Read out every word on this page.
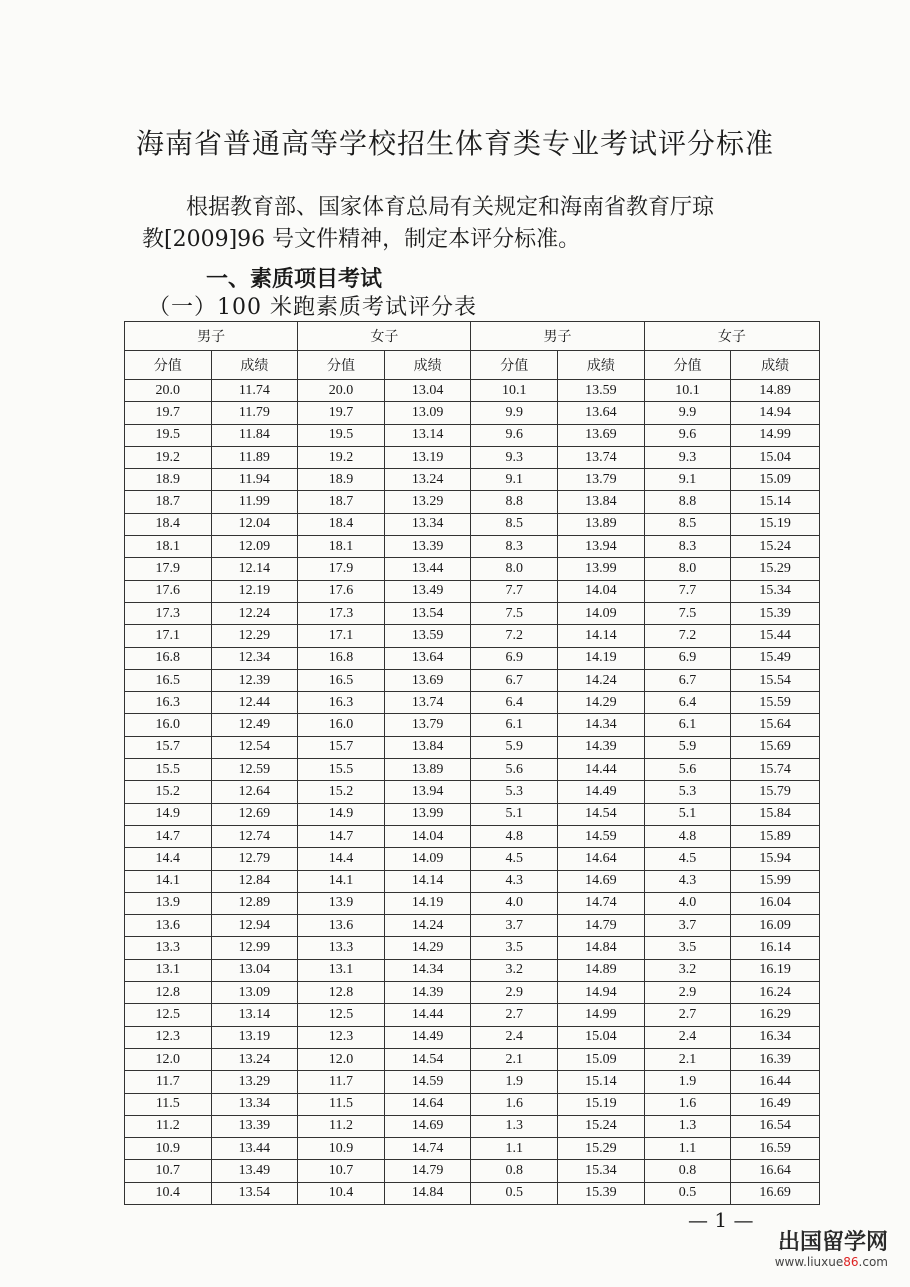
海南省普通高等学校招生体育类专业考试评分标准
根据教育部、国家体育总局有关规定和海南省教育厅琼
教[2009]96 号文件精神，制定本评分标准。
一、素质项目考试
（一）100 米跑素质考试评分表
男子		女子		男子		女子	
分值	成绩	分值	成绩	分值	成绩	分值	成绩
20.0	11.74	20.0	13.04	10.1	13.59	10.1	14.89
19.7	11.79	19.7	13.09	9.9	13.64	9.9	14.94
19.5	11.84	19.5	13.14	9.6	13.69	9.6	14.99
19.2	11.89	19.2	13.19	9.3	13.74	9.3	15.04
18.9	11.94	18.9	13.24	9.1	13.79	9.1	15.09
18.7	11.99	18.7	13.29	8.8	13.84	8.8	15.14
18.4	12.04	18.4	13.34	8.5	13.89	8.5	15.19
18.1	12.09	18.1	13.39	8.3	13.94	8.3	15.24
17.9	12.14	17.9	13.44	8.0	13.99	8.0	15.29
17.6	12.19	17.6	13.49	7.7	14.04	7.7	15.34
17.3	12.24	17.3	13.54	7.5	14.09	7.5	15.39
17.1	12.29	17.1	13.59	7.2	14.14	7.2	15.44
16.8	12.34	16.8	13.64	6.9	14.19	6.9	15.49
16.5	12.39	16.5	13.69	6.7	14.24	6.7	15.54
16.3	12.44	16.3	13.74	6.4	14.29	6.4	15.59
16.0	12.49	16.0	13.79	6.1	14.34	6.1	15.64
15.7	12.54	15.7	13.84	5.9	14.39	5.9	15.69
15.5	12.59	15.5	13.89	5.6	14.44	5.6	15.74
15.2	12.64	15.2	13.94	5.3	14.49	5.3	15.79
14.9	12.69	14.9	13.99	5.1	14.54	5.1	15.84
14.7	12.74	14.7	14.04	4.8	14.59	4.8	15.89
14.4	12.79	14.4	14.09	4.5	14.64	4.5	15.94
14.1	12.84	14.1	14.14	4.3	14.69	4.3	15.99
13.9	12.89	13.9	14.19	4.0	14.74	4.0	16.04
13.6	12.94	13.6	14.24	3.7	14.79	3.7	16.09
13.3	12.99	13.3	14.29	3.5	14.84	3.5	16.14
13.1	13.04	13.1	14.34	3.2	14.89	3.2	16.19
12.8	13.09	12.8	14.39	2.9	14.94	2.9	16.24
12.5	13.14	12.5	14.44	2.7	14.99	2.7	16.29
12.3	13.19	12.3	14.49	2.4	15.04	2.4	16.34
12.0	13.24	12.0	14.54	2.1	15.09	2.1	16.39
11.7	13.29	11.7	14.59	1.9	15.14	1.9	16.44
11.5	13.34	11.5	14.64	1.6	15.19	1.6	16.49
11.2	13.39	11.2	14.69	1.3	15.24	1.3	16.54
10.9	13.44	10.9	14.74	1.1	15.29	1.1	16.59
10.7	13.49	10.7	14.79	0.8	15.34	0.8	16.64
10.4	13.54	10.4	14.84	0.5	15.39	0.5	16.69
— 1 —
出国留学网
www.liuxue86.com
